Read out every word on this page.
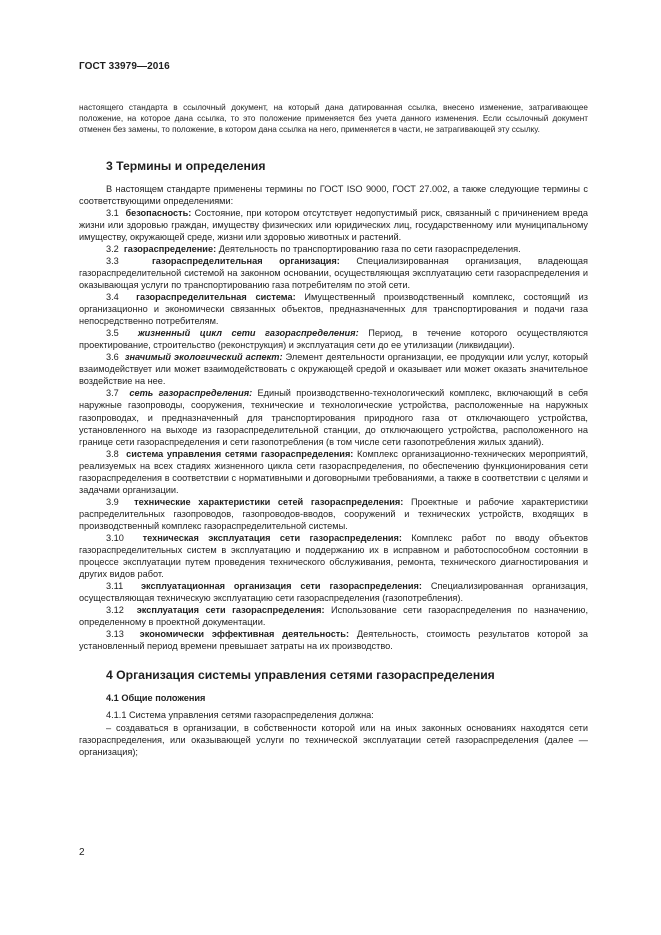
ГОСТ 33979—2016

настоящего стандарта в ссылочный документ, на который дана датированная ссылка, внесено изменение, затрагивающее положение, на которое дана ссылка, то это положение применяется без учета данного изменения. Если ссылочный документ отменен без замены, то положение, в котором дана ссылка на него, применяется в части, не затрагивающей эту ссылку.

3 Термины и определения

В настоящем стандарте применены термины по ГОСТ ISO 9000, ГОСТ 27.002, а также следующие термины с соответствующими определениями:

3.1 безопасность: Состояние, при котором отсутствует недопустимый риск, связанный с причинением вреда жизни или здоровью граждан, имуществу физических или юридических лиц, государственному или муниципальному имуществу, окружающей среде, жизни или здоровью животных и растений.

3.2 газораспределение: Деятельность по транспортированию газа по сети газораспределения.

3.3	газораспределительная организация: Специализированная организация, владеющая газораспределительной системой на законном основании, осуществляющая эксплуатацию сети газораспределения и оказывающая услуги по транспортированию газа потребителям по этой сети.

3.4 газораспределительная система: Имущественный производственный комплекс, состоящий из организационно и экономически связанных объектов, предназначенных для транспортирования и подачи газа непосредственно потребителям.

3.5 жизненный цикл сети газораспределения: Период, в течение которого осуществляются проектирование, строительство (реконструкция) и эксплуатация сети до ее утилизации (ликвидации).

3.6 значимый экологический аспект: Элемент деятельности организации, ее продукции или услуг, который взаимодействует или может взаимодействовать с окружающей средой и оказывает или может оказать значительное воздействие на нее.

3.7 сеть газораспределения: Единый производственно-технологический комплекс, включающий в себя наружные газопроводы, сооружения, технические и технологические устройства, расположенные на наружных газопроводах, и предназначенный для транспортирования природного газа от отключающего устройства, установленного на выходе из газораспределительной станции, до отключающего устройства, расположенного на границе сети газораспределения и сети газопотребления (в том числе сети газопотребления жилых зданий).

3.8 система управления сетями газораспределения: Комплекс организационно-технических мероприятий, реализуемых на всех стадиях жизненного цикла сети газораспределения, по обеспечению функционирования сети газораспределения в соответствии с нормативными и договорными требованиями, а также в соответствии с целями и задачами организации.

3.9 технические характеристики сетей газораспределения: Проектные и рабочие характеристики распределительных газопроводов, газопроводов-вводов, сооружений и технических устройств, входящих в производственный комплекс газораспределительной системы.

3.10 техническая эксплуатация сети газораспределения: Комплекс работ по вводу объектов газораспределительных систем в эксплуатацию и поддержанию их в исправном и работоспособном состоянии в процессе эксплуатации путем проведения технического обслуживания, ремонта, технического диагностирования и других видов работ.

3.11 эксплуатационная организация сети газораспределения: Специализированная организация, осуществляющая техническую эксплуатацию сети газораспределения (газопотребления).

3.12 эксплуатация сети газораспределения: Использование сети газораспределения по назначению, определенному в проектной документации.

3.13 экономически эффективная деятельность: Деятельность, стоимость результатов которой за установленный период времени превышает затраты на их производство.

4 Организация системы управления сетями газораспределения

4.1 Общие положения

4.1.1 Система управления сетями газораспределения должна:

– создаваться в организации, в собственности которой или на иных законных основаниях находятся сети газораспределения, или оказывающей услуги по технической эксплуатации сетей газораспределения (далее — организация);

2
